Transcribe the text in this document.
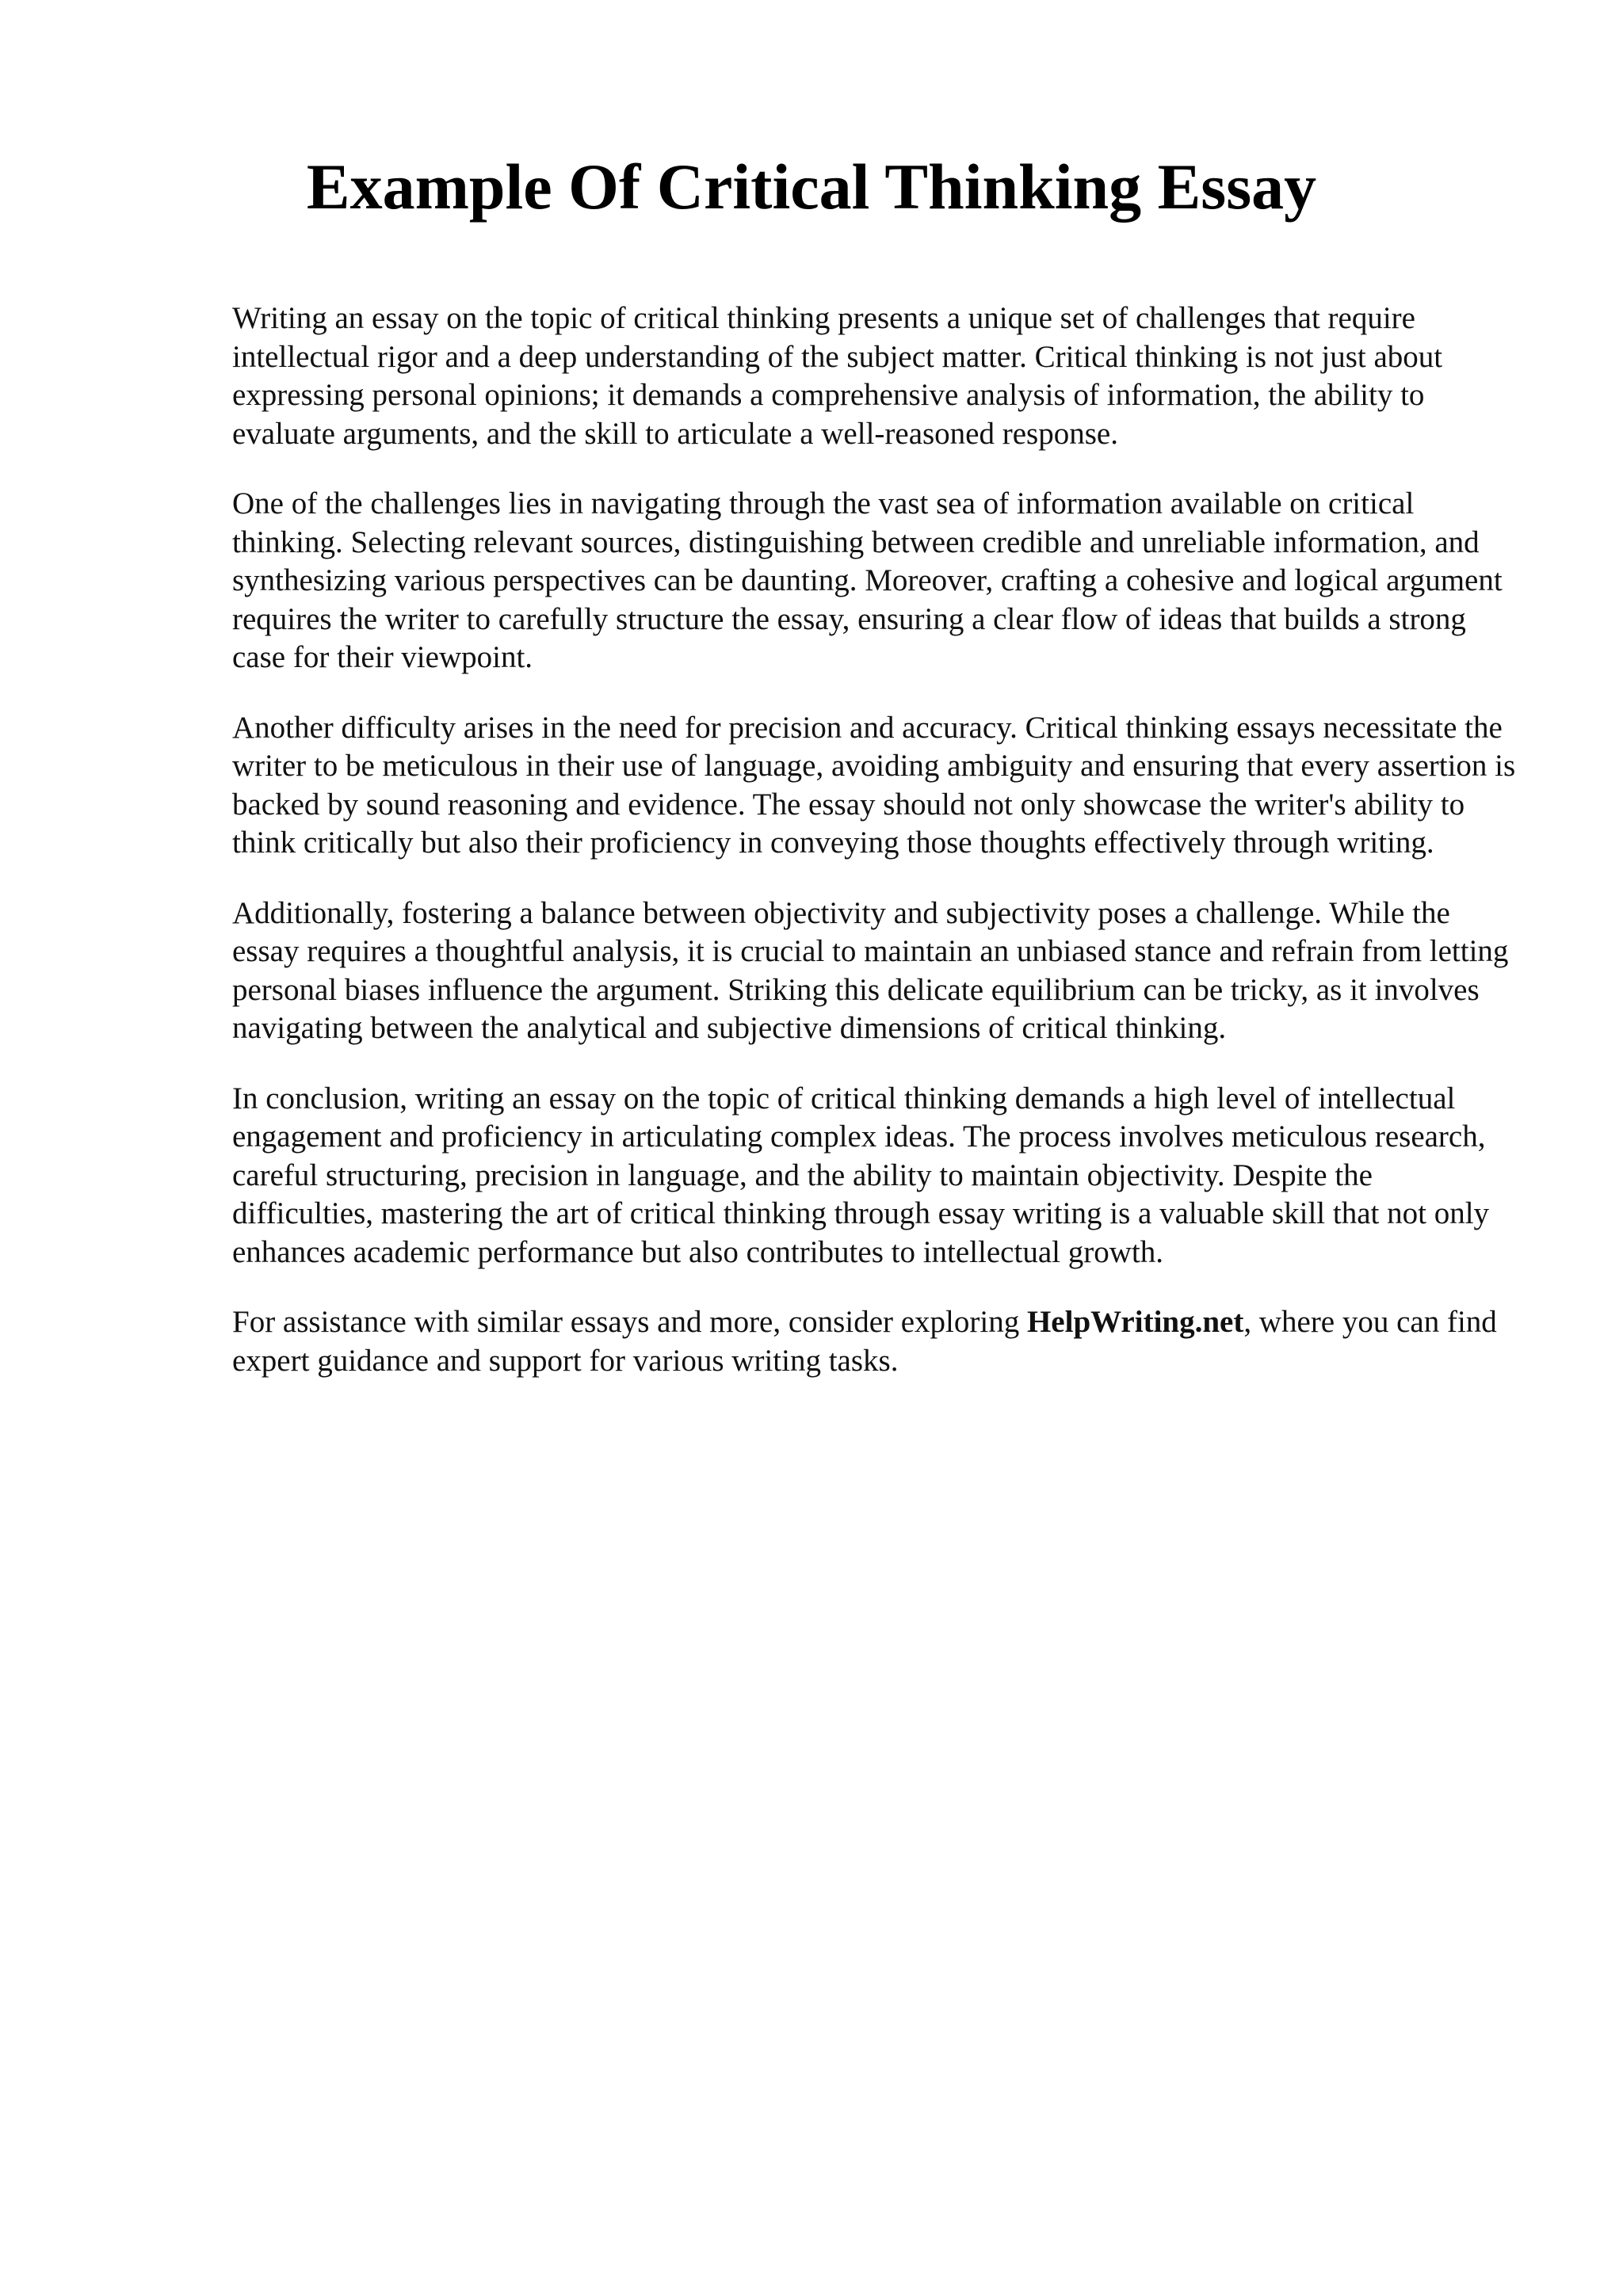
Example Of Critical Thinking Essay

Writing an essay on the topic of critical thinking presents a unique set of challenges that require intellectual rigor and a deep understanding of the subject matter. Critical thinking is not just about expressing personal opinions; it demands a comprehensive analysis of information, the ability to evaluate arguments, and the skill to articulate a well-reasoned response.

One of the challenges lies in navigating through the vast sea of information available on critical thinking. Selecting relevant sources, distinguishing between credible and unreliable information, and synthesizing various perspectives can be daunting. Moreover, crafting a cohesive and logical argument requires the writer to carefully structure the essay, ensuring a clear flow of ideas that builds a strong case for their viewpoint.

Another difficulty arises in the need for precision and accuracy. Critical thinking essays necessitate the writer to be meticulous in their use of language, avoiding ambiguity and ensuring that every assertion is backed by sound reasoning and evidence. The essay should not only showcase the writer's ability to think critically but also their proficiency in conveying those thoughts effectively through writing.

Additionally, fostering a balance between objectivity and subjectivity poses a challenge. While the essay requires a thoughtful analysis, it is crucial to maintain an unbiased stance and refrain from letting personal biases influence the argument. Striking this delicate equilibrium can be tricky, as it involves navigating between the analytical and subjective dimensions of critical thinking.

In conclusion, writing an essay on the topic of critical thinking demands a high level of intellectual engagement and proficiency in articulating complex ideas. The process involves meticulous research, careful structuring, precision in language, and the ability to maintain objectivity. Despite the difficulties, mastering the art of critical thinking through essay writing is a valuable skill that not only enhances academic performance but also contributes to intellectual growth.

For assistance with similar essays and more, consider exploring HelpWriting.net, where you can find expert guidance and support for various writing tasks.
